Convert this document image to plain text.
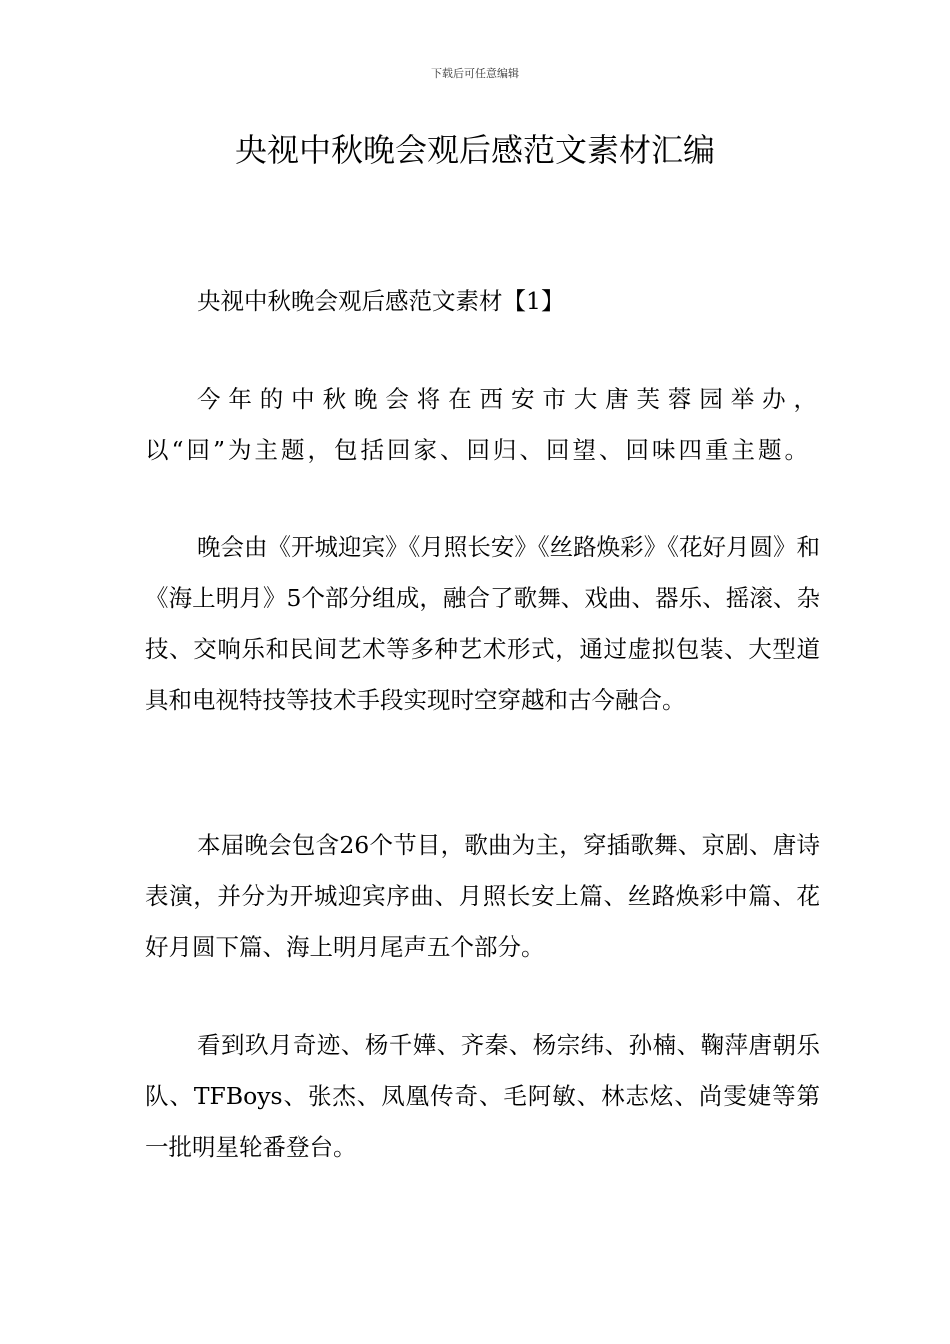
下载后可任意编辑
央视中秋晚会观后感范文素材汇编
央视中秋晚会观后感范文素材【1】

今年的中秋晚会将在西安市大唐芙蓉园举办，以“回”为主题，包括回家、回归、回望、回味四重主题。

晚会由《开城迎宾》《月照长安》《丝路焕彩》《花好月圆》和《海上明月》5个部分组成，融合了歌舞、戏曲、器乐、摇滚、杂技、交响乐和民间艺术等多种艺术形式，通过虚拟包装、大型道具和电视特技等技术手段实现时空穿越和古今融合。

本届晚会包含26个节目，歌曲为主，穿插歌舞、京剧、唐诗表演，并分为开城迎宾序曲、月照长安上篇、丝路焕彩中篇、花好月圆下篇、海上明月尾声五个部分。

看到玖月奇迹、杨千嬅、齐秦、杨宗纬、孙楠、鞠萍唐朝乐队、TFBoys、张杰、凤凰传奇、毛阿敏、林志炫、尚雯婕等第一批明星轮番登台。
